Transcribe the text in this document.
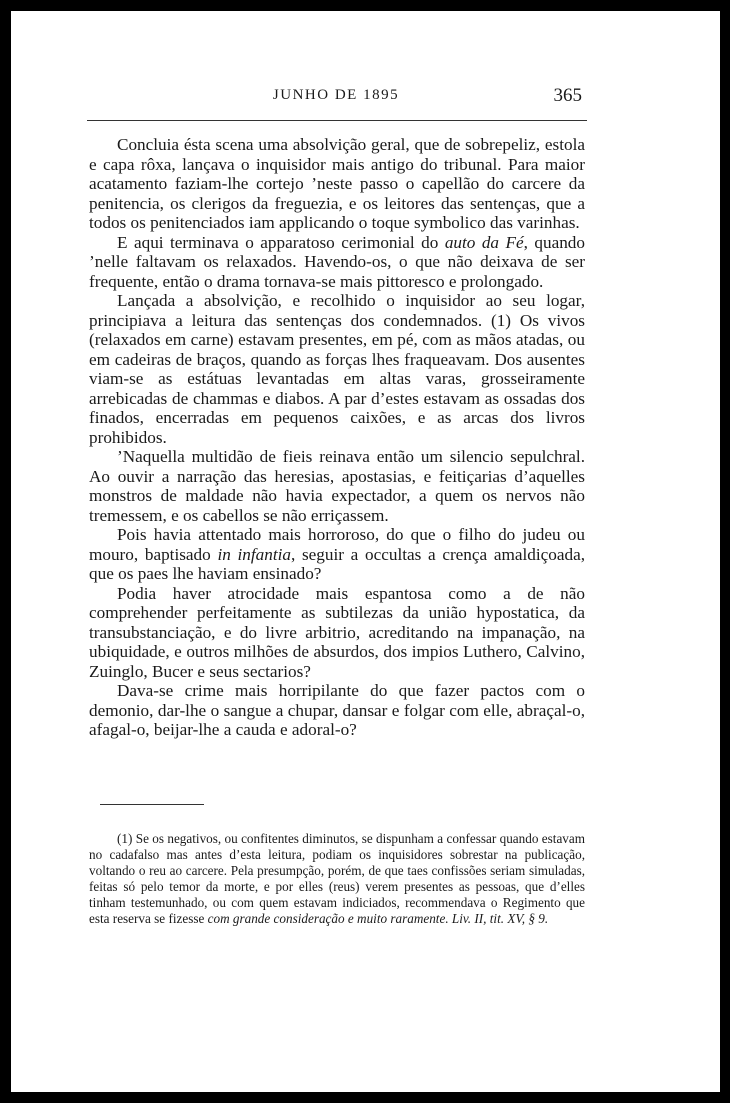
JUNHO DE 1895	365

Concluia ésta scena uma absolvição geral, que de sobrepeliz, estola e capa rôxa, lançava o inquisidor mais antigo do tribunal. Para maior acatamento faziam-lhe cortejo ’neste passo o capellão do carcere da penitencia, os clerigos da freguezia, e os leitores das sentenças, que a todos os penitenciados iam applicando o toque symbolico das varinhas.

E aqui terminava o apparatoso cerimonial do auto da Fé, quando ’nelle faltavam os relaxados. Havendo-os, o que não deixava de ser frequente, então o drama tornava-se mais pittoresco e prolongado.

Lançada a absolvição, e recolhido o inquisidor ao seu logar, principiava a leitura das sentenças dos condemnados. (1) Os vivos (relaxados em carne) estavam presentes, em pé, com as mãos atadas, ou em cadeiras de braços, quando as forças lhes fraqueavam. Dos ausentes viam-se as estátuas levantadas em altas varas, grosseiramente arrebicadas de chammas e diabos. A par d’estes estavam as ossadas dos finados, encerradas em pequenos caixões, e as arcas dos livros prohibidos.

’Naquella multidão de fieis reinava então um silencio sepulchral. Ao ouvir a narração das heresias, apostasias, e feitiçarias d’aquelles monstros de maldade não havia expectador, a quem os nervos não tremessem, e os cabellos se não erriçassem.

Pois havia attentado mais horroroso, do que o filho do judeu ou mouro, baptisado in infantia, seguir a occultas a crença amaldiçoada, que os paes lhe haviam ensinado?

Podia haver atrocidade mais espantosa como a de não comprehender perfeitamente as subtilezas da união hypostatica, da transubstanciação, e do livre arbitrio, acreditando na impanação, na ubiquidade, e outros milhões de absurdos, dos impios Luthero, Calvino, Zuinglo, Bucer e seus sectarios?

Dava-se crime mais horripilante do que fazer pactos com o demonio, dar-lhe o sangue a chupar, dansar e folgar com elle, abraçal-o, afagal-o, beijar-lhe a cauda e adoral-o?

(1) Se os negativos, ou confitentes diminutos, se dispunham a confessar quando estavam no cadafalso mas antes d’esta leitura, podiam os inquisidores sobrestar na publicação, voltando o reu ao carcere. Pela presumpção, porém, de que taes confissões seriam simuladas, feitas só pelo temor da morte, e por elles (reus) verem presentes as pessoas, que d’elles tinham testemunhado, ou com quem estavam indiciados, recommendava o Regimento que esta reserva se fizesse com grande consideração e muito raramente. Liv. II, tit. XV, § 9.
